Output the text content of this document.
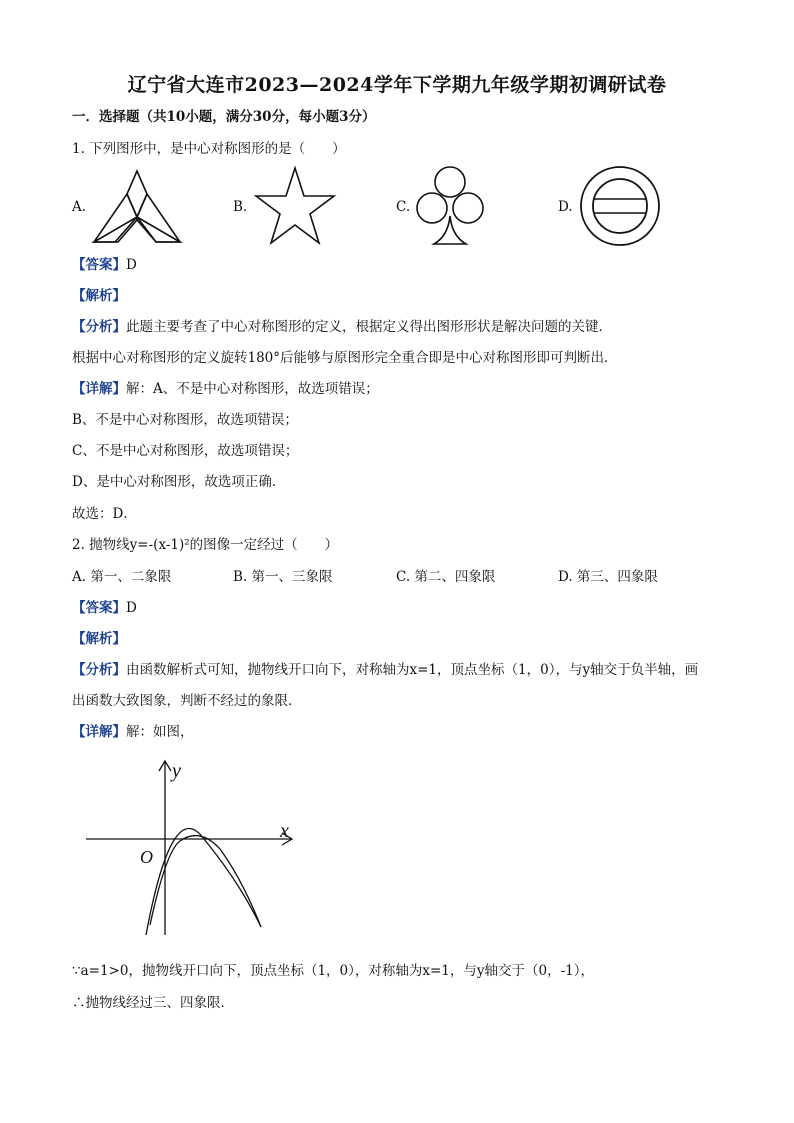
辽宁省大连市2023—2024学年下学期九年级学期初调研试卷
一．选择题（共10小题，满分30分，每小题3分）
1. 下列图形中，是中心对称图形的是（　　）
A.	B.	C.	D.
【答案】D
【解析】
【分析】此题主要考查了中心对称图形的定义，根据定义得出图形形状是解决问题的关键．
根据中心对称图形的定义旋转180°后能够与原图形完全重合即是中心对称图形即可判断出．
【详解】解：A、不是中心对称图形，故选项错误；
B、不是中心对称图形，故选项错误；
C、不是中心对称图形，故选项错误；
D、是中心对称图形，故选项正确．
故选：D．
2. 抛物线y=-(x-1)²的图像一定经过（　　）
A. 第一、二象限	B. 第一、三象限	C. 第二、四象限	D. 第三、四象限
【答案】D
【解析】
【分析】由函数解析式可知，抛物线开口向下，对称轴为x=1，顶点坐标（1，0），与y轴交于负半轴，画
出函数大致图象，判断不经过的象限．
【详解】解：如图，
y
x
O
∵a=1>0，抛物线开口向下，顶点坐标（1，0），对称轴为x=1，与y轴交于（0，-1），
∴抛物线经过三、四象限．
